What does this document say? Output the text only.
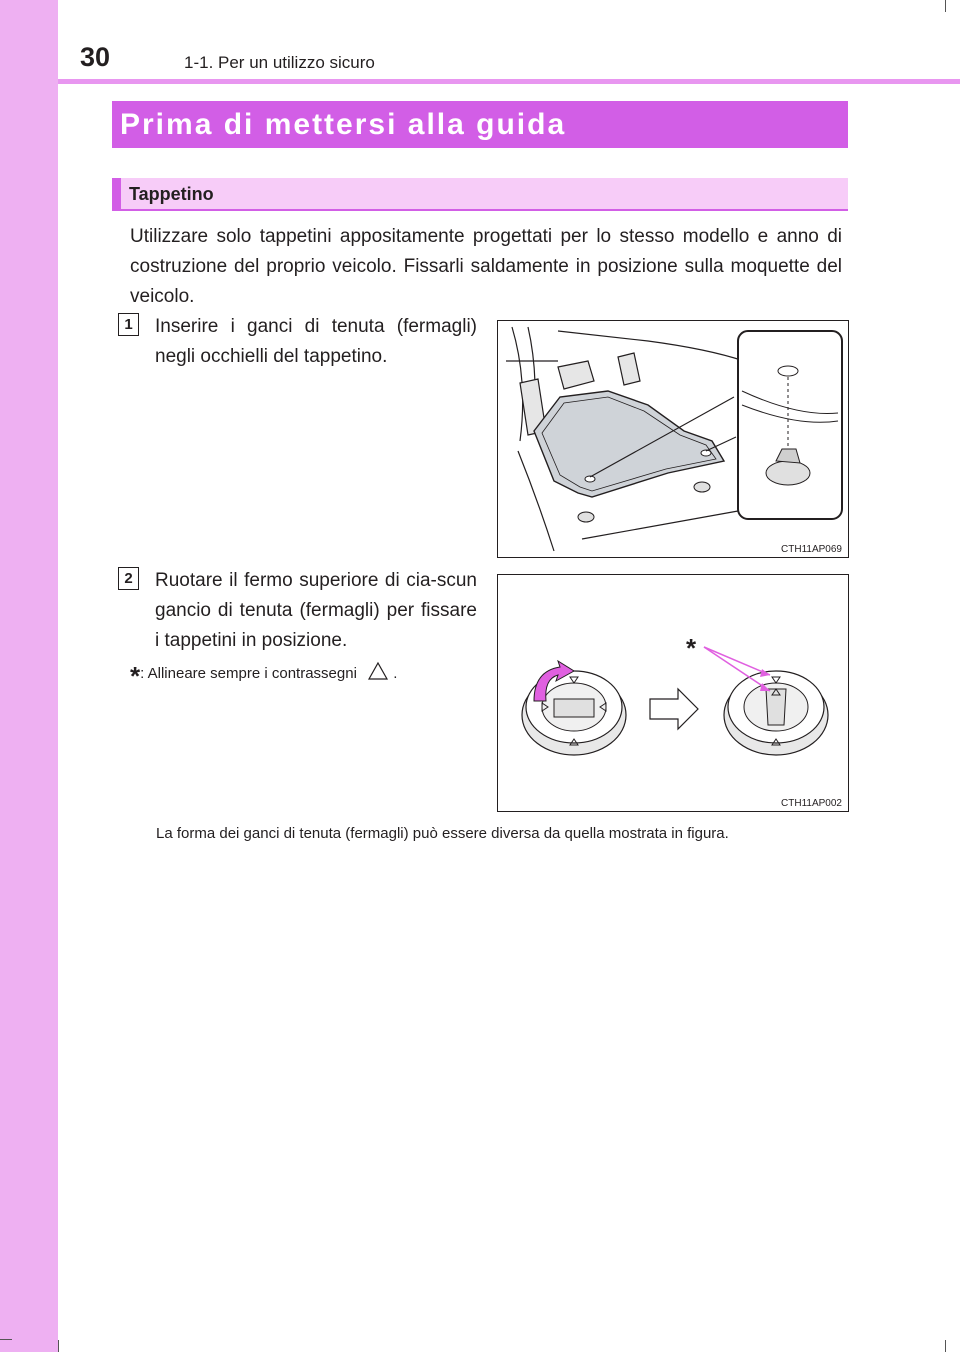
30	1-1. Per un utilizzo sicuro
Prima di mettersi alla guida
Tappetino

Utilizzare solo tappetini appositamente progettati per lo stesso modello e anno di costruzione del proprio veicolo. Fissarli saldamente in posizione sulla moquette del veicolo.

1	Inserire i ganci di tenuta (fermagli) negli occhielli del tappetino.

CTH11AP069
2	Ruotare il fermo superiore di cia-scun gancio di tenuta (fermagli) per fissare i tappetini in posizione.

*: Allineare sempre i contrassegni  .
*
CTH11AP002

La forma dei ganci di tenuta (fermagli) può essere diversa da quella mostrata in figura.
